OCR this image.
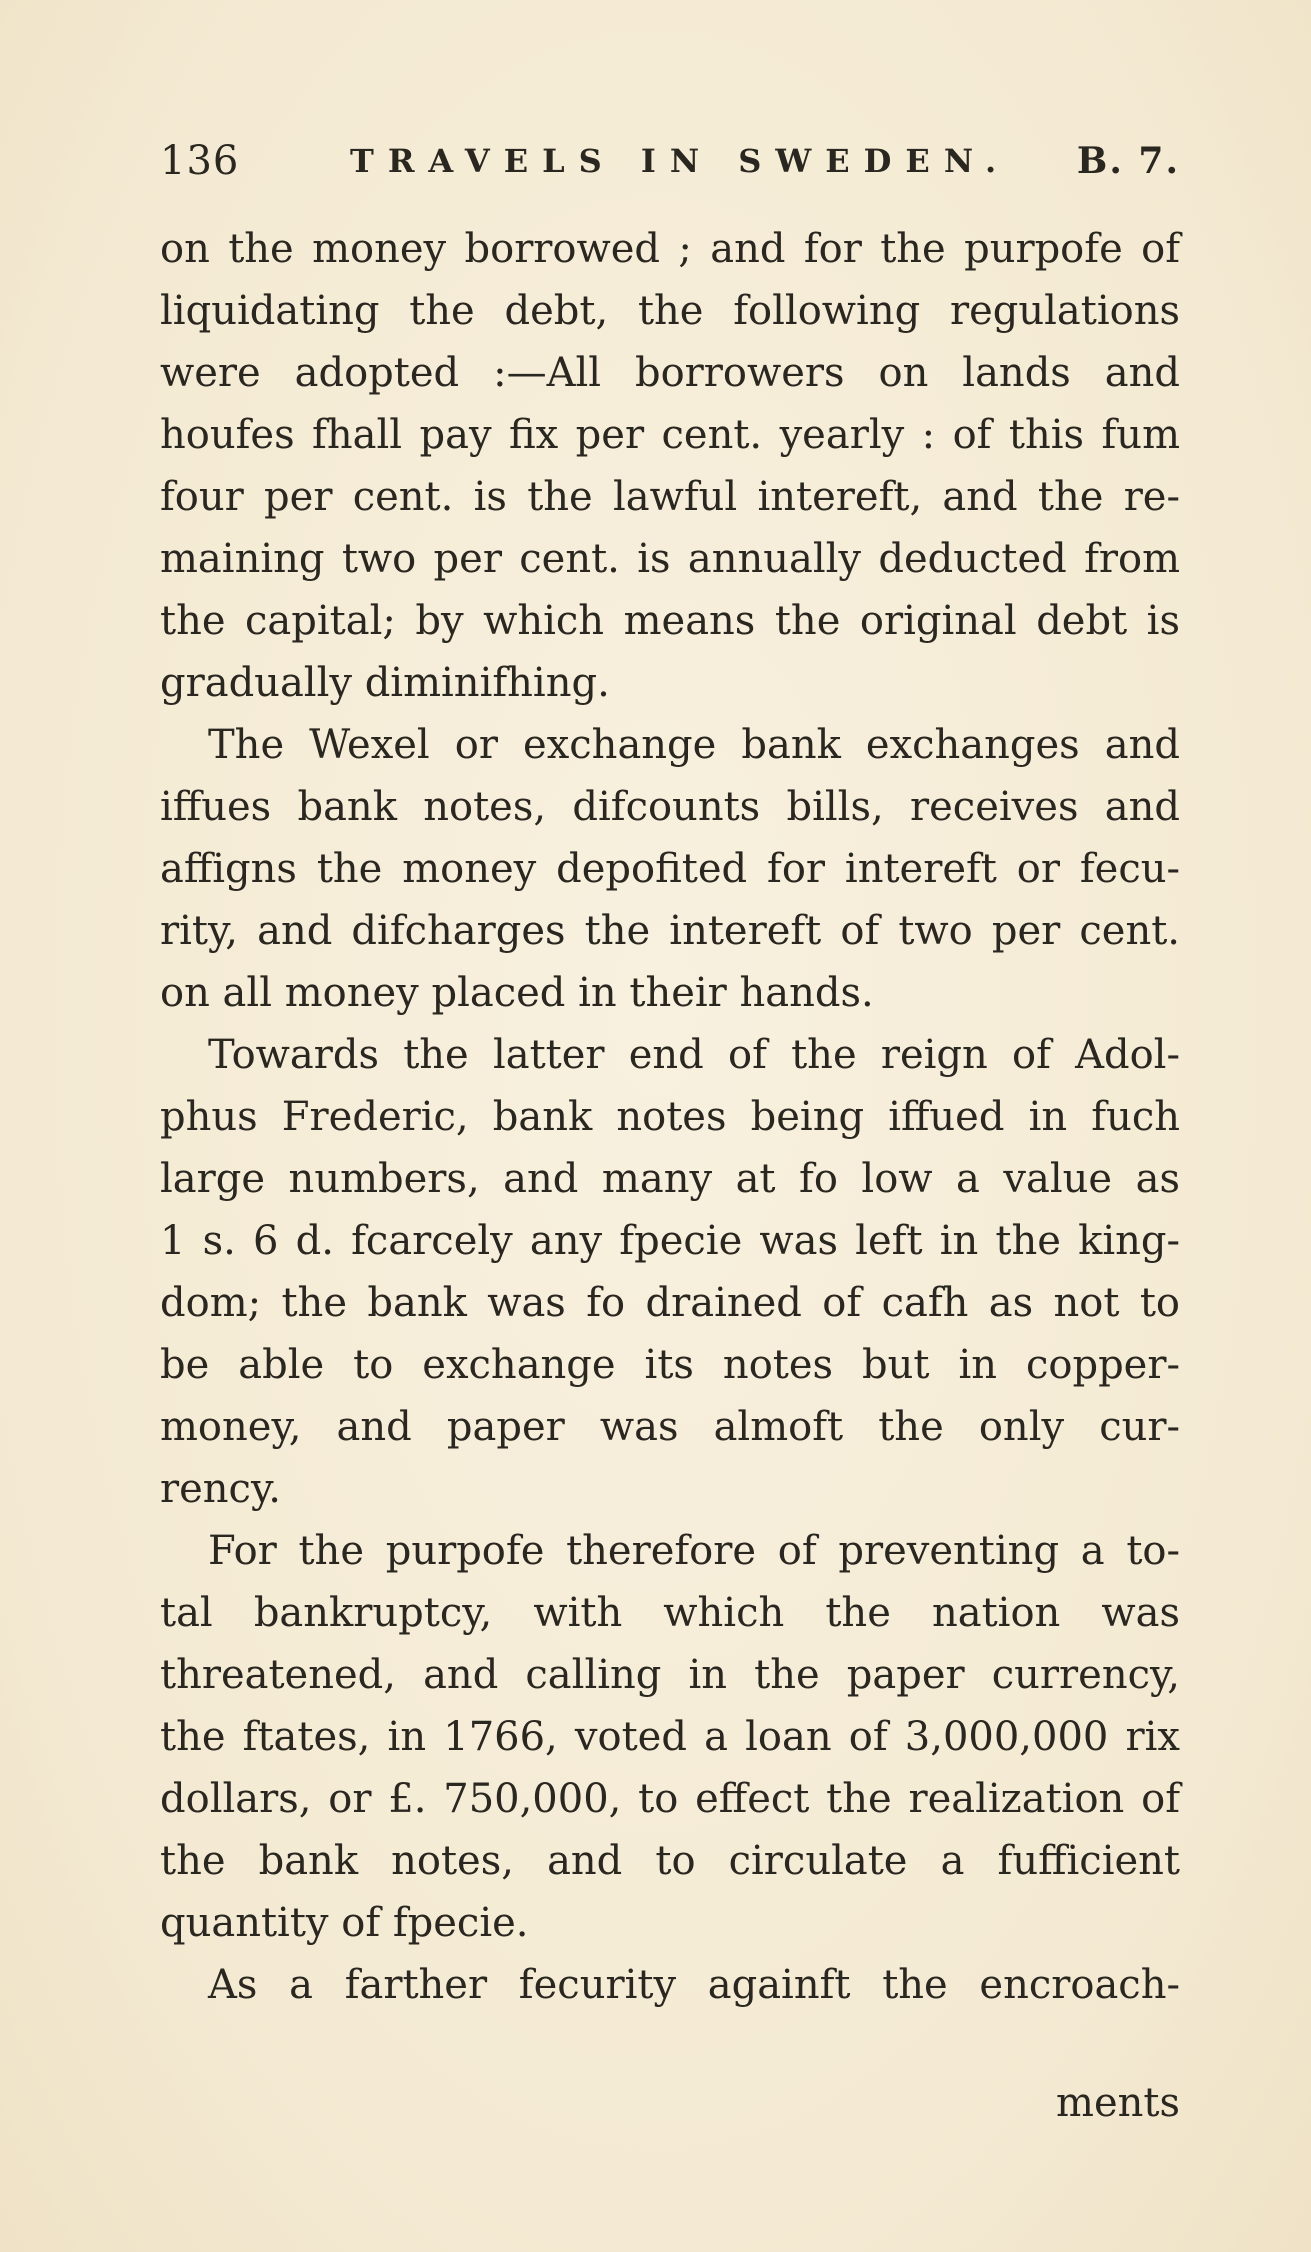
136	TRAVELS IN SWEDEN. B. 7.
on the money borrowed ; and for the purpofe of
liquidating the debt, the following regulations
were adopted :—All borrowers on lands and
houfes fhall pay fix per cent. yearly : of this fum
four per cent. is the lawful intereft, and the re-
maining two per cent. is annually deducted from
the capital; by which means the original debt is
gradually diminifhing.
The Wexel or exchange bank exchanges and
iffues bank notes, difcounts bills, receives and
affigns the money depofited for intereft or fecu-
rity, and difcharges the intereft of two per cent.
on all money placed in their hands.
Towards the latter end of the reign of Adol-
phus Frederic, bank notes being iffued in fuch
large numbers, and many at fo low a value as
1 s. 6 d. fcarcely any fpecie was left in the king-
dom; the bank was fo drained of cafh as not to
be able to exchange its notes but in copper-
money, and paper was almoft the only cur-
rency.
For the purpofe therefore of preventing a to-
tal bankruptcy, with which the nation was
threatened, and calling in the paper currency,
the ftates, in 1766, voted a loan of 3,000,000 rix
dollars, or £. 750,000, to effect the realization of
the bank notes, and to circulate a fufficient
quantity of fpecie.
As a farther fecurity againft the encroach-
ments
